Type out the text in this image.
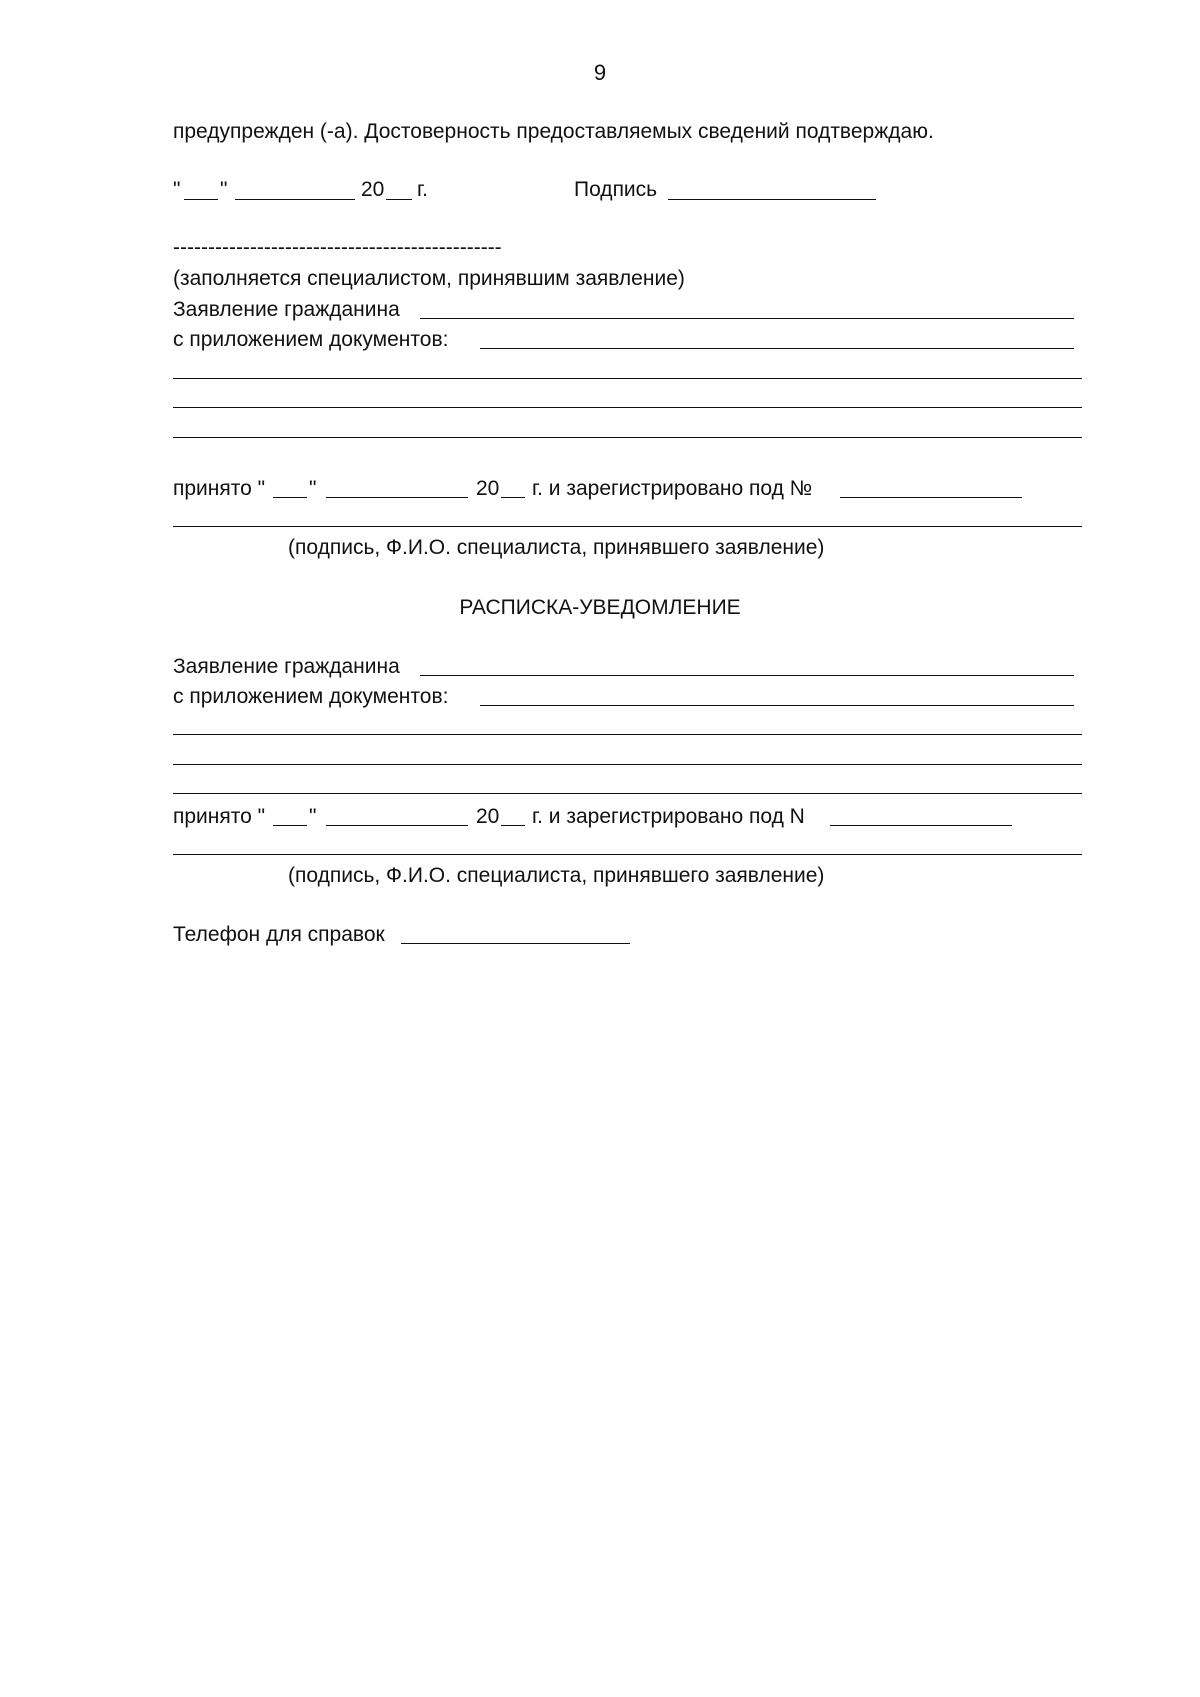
9
предупрежден (-а). Достоверность предоставляемых сведений подтверждаю.
" "	20 г.	Подпись
-----------------------------------------------
(заполняется специалистом, принявшим заявление)
Заявление гражданина
с приложением документов:
принято " "	20 г. и зарегистрировано под №
(подпись, Ф.И.О. специалиста, принявшего заявление)
РАСПИСКА-УВЕДОМЛЕНИЕ
Заявление гражданина
с приложением документов:
принято " "	20 г. и зарегистрировано под N
(подпись, Ф.И.О. специалиста, принявшего заявление)
Телефон для справок
